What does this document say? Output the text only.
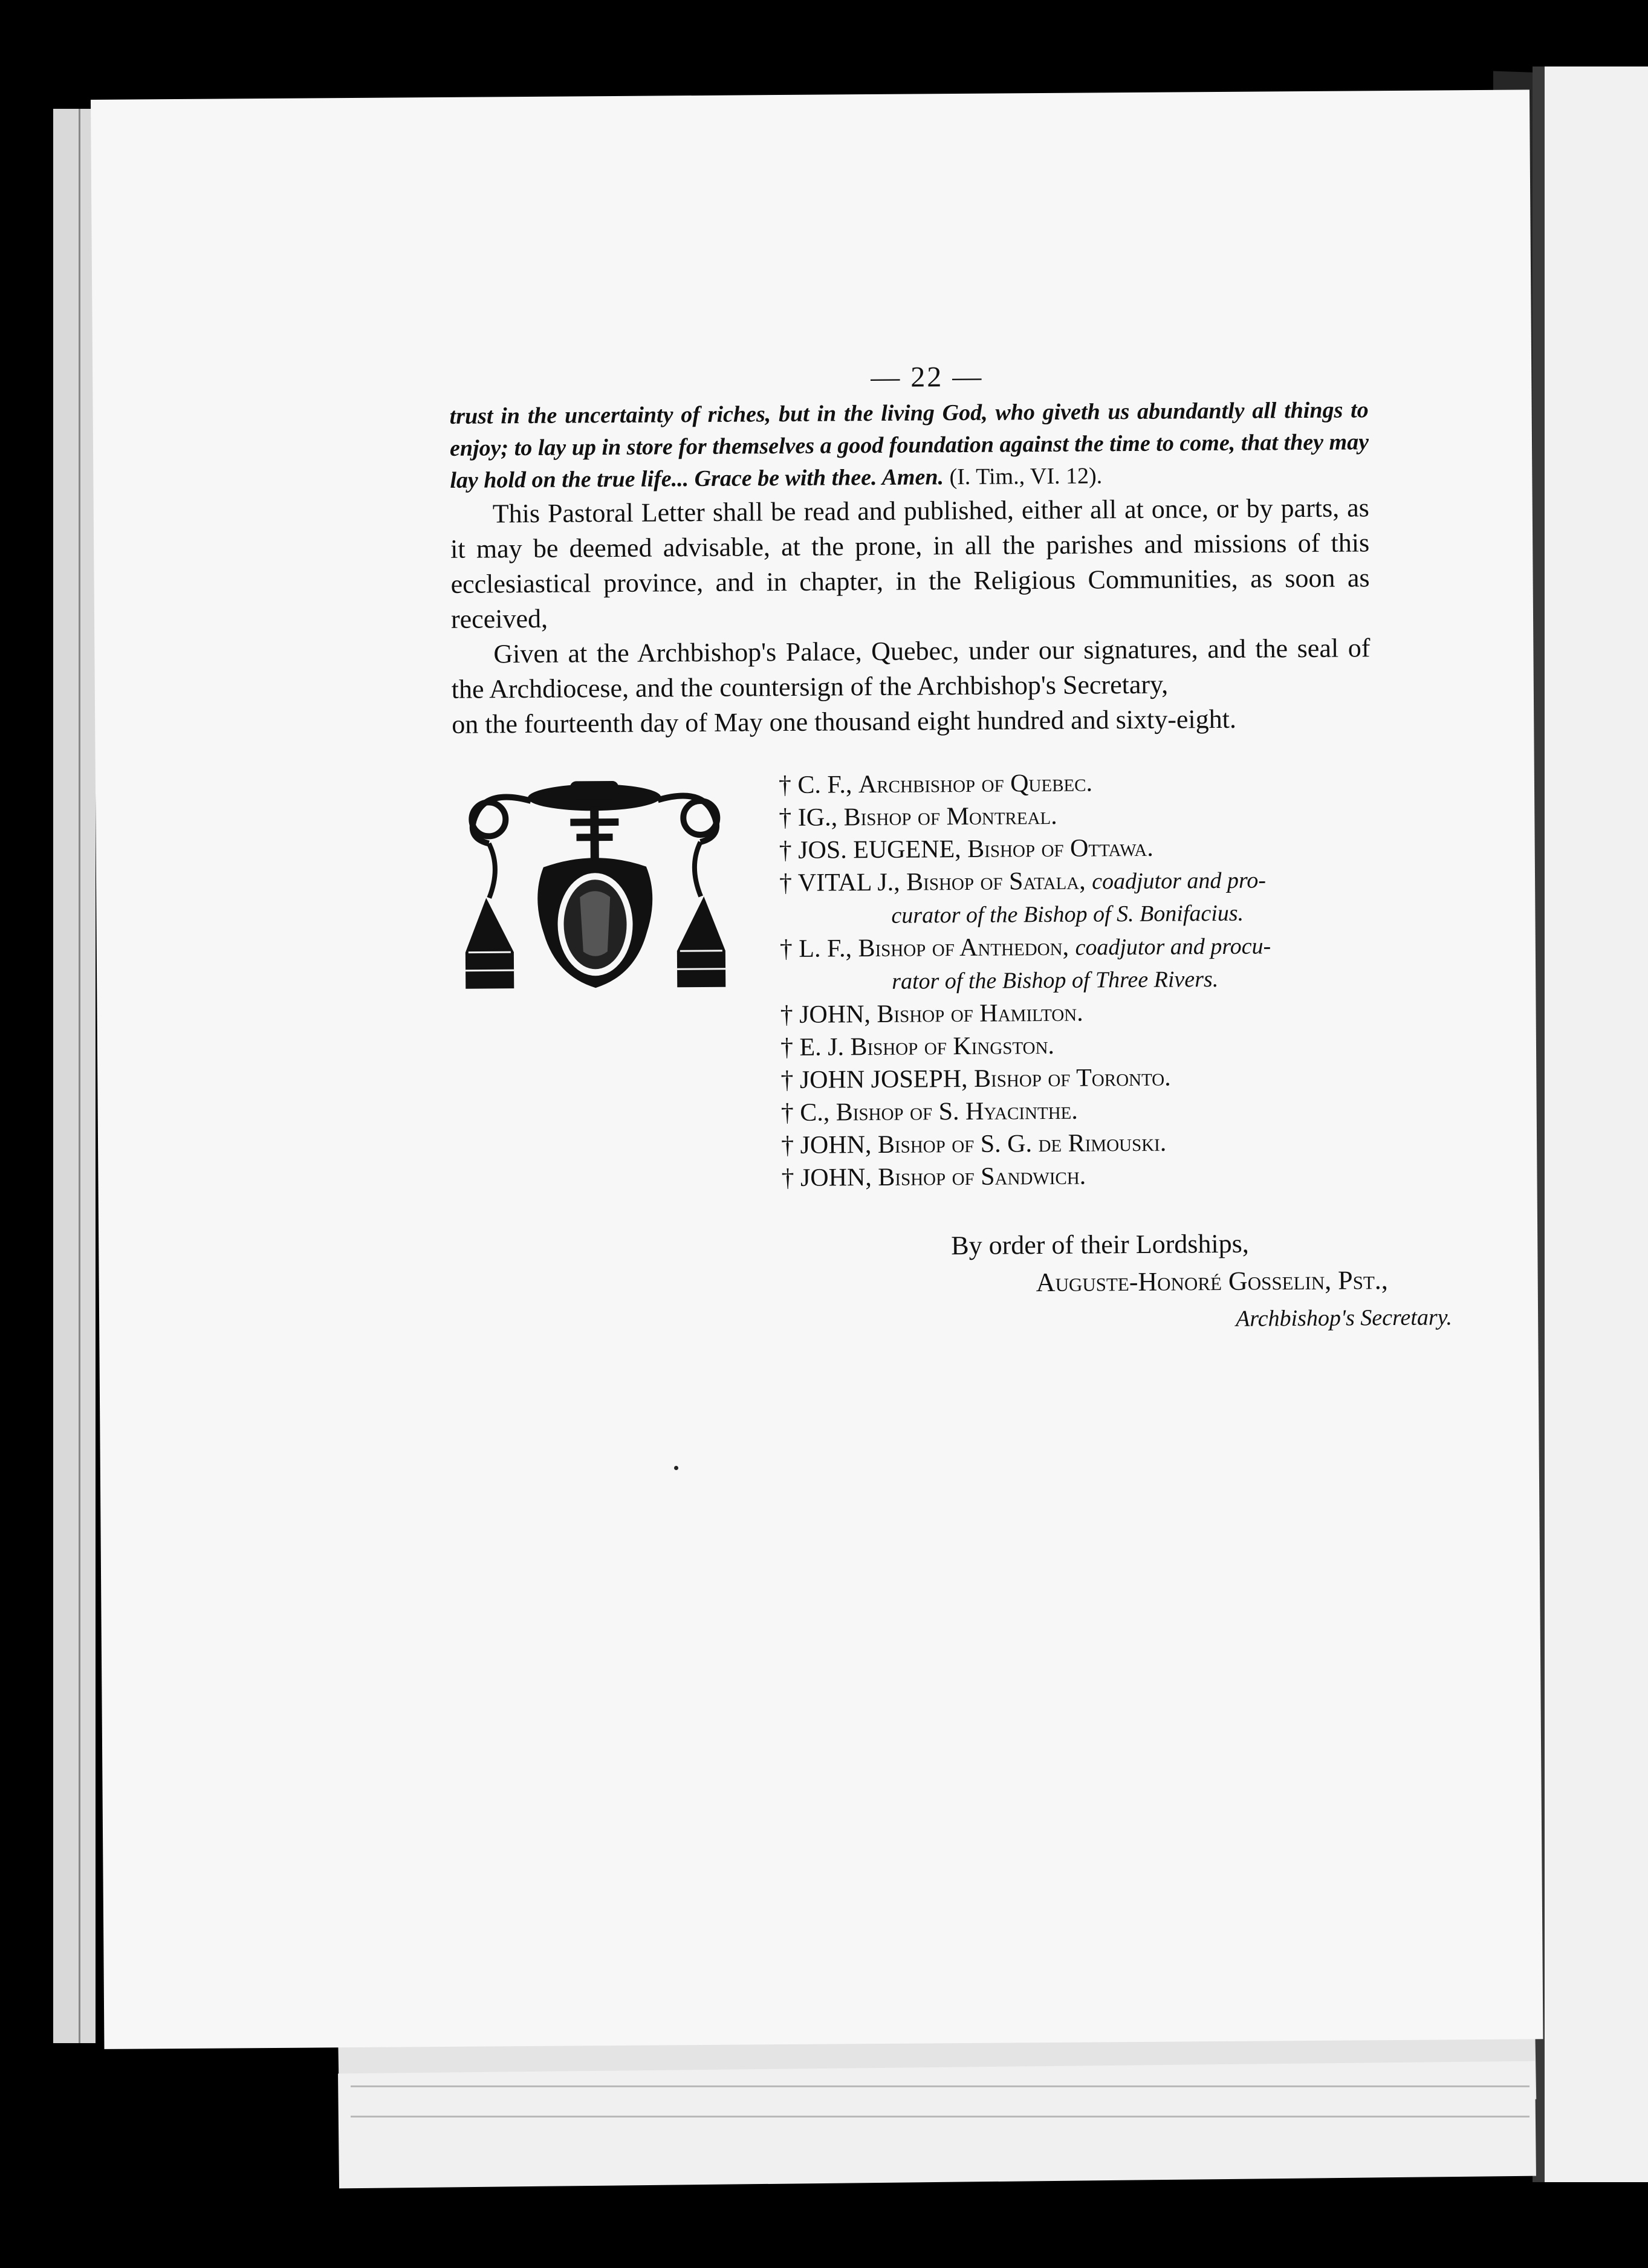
— 22 —
trust in the uncertainty of riches, but in the living God, who giveth us abundantly all things to enjoy; to lay up in store for themselves a good foundation against the time to come, that they may lay hold on the true life... Grace be with thee. Amen. (I. Tim., VI. 12).
This Pastoral Letter shall be read and published, either all at once, or by parts, as it may be deemed advisable, at the prone, in all the parishes and missions of this ecclesiastical province, and in chapter, in the Religious Communities, as soon as received,
Given at the Archbishop's Palace, Quebec, under our signatures, and the seal of the Archdiocese, and the countersign of the Archbishop's Secretary,
on the fourteenth day of May one thousand eight hundred and sixty-eight.
† C. F., Archbishop of Quebec.
† IG., Bishop of Montreal.
† JOS. EUGENE, Bishop of Ottawa.
† VITAL J., Bishop of Satala, coadjutor and pro-
curator of the Bishop of S. Bonifacius.
† L. F., Bishop of Anthedon, coadjutor and procu-
rator of the Bishop of Three Rivers.
† JOHN, Bishop of Hamilton.
† E. J. Bishop of Kingston.
† JOHN JOSEPH, Bishop of Toronto.
† C., Bishop of S. Hyacinthe.
† JOHN, Bishop of S. G. de Rimouski.
† JOHN, Bishop of Sandwich.
By order of their Lordships,
Auguste-Honoré Gosselin, Pst.,
Archbishop's Secretary.
